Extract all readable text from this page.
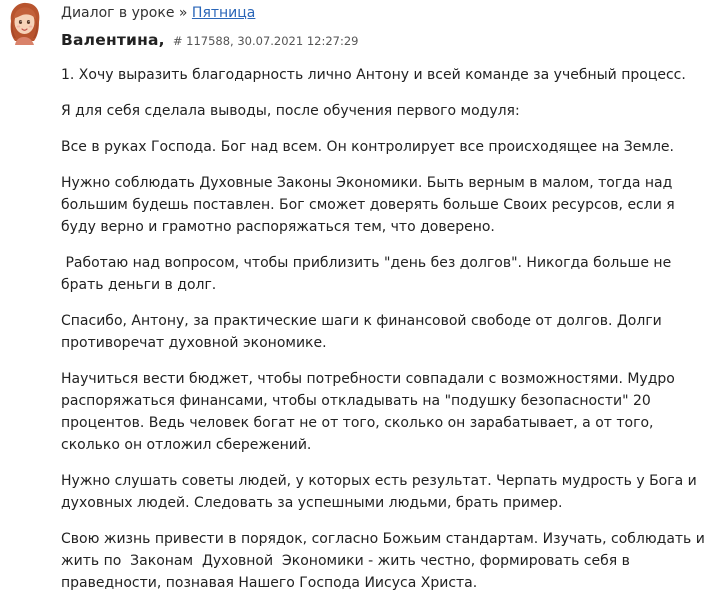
Диалог в уроке » Пятница
Валентина, # 117588, 30.07.2021 12:27:29

1. Хочу выразить благодарность лично Антону и всей команде за учебный процесс.

Я для себя сделала выводы, после обучения первого модуля:

Все в руках Господа. Бог над всем. Он контролирует все происходящее на Земле.

Нужно соблюдать Духовные Законы Экономики. Быть верным в малом, тогда над большим будешь поставлен. Бог сможет доверять больше Своих ресурсов, если я буду верно и грамотно распоряжаться тем, что доверено.

Работаю над вопросом, чтобы приблизить "день без долгов". Никогда больше не брать деньги в долг.

Спасибо, Антону, за практические шаги к финансовой свободе от долгов. Долги противоречат духовной экономике.

Научиться вести бюджет, чтобы потребности совпадали с возможностями. Мудро распоряжаться финансами, чтобы откладывать на "подушку безопасности" 20 процентов. Ведь человек богат не от того, сколько он зарабатывает, а от того, сколько он отложил сбережений.

Нужно слушать советы людей, у которых есть результат. Черпать мудрость у Бога и духовных людей. Следовать за успешными людьми, брать пример.

Свою жизнь привести в порядок, согласно Божьим стандартам. Изучать, соблюдать и жить по  Законам  Духовной  Экономики - жить честно, формировать себя в праведности, познавая Нашего Господа Иисуса Христа.
